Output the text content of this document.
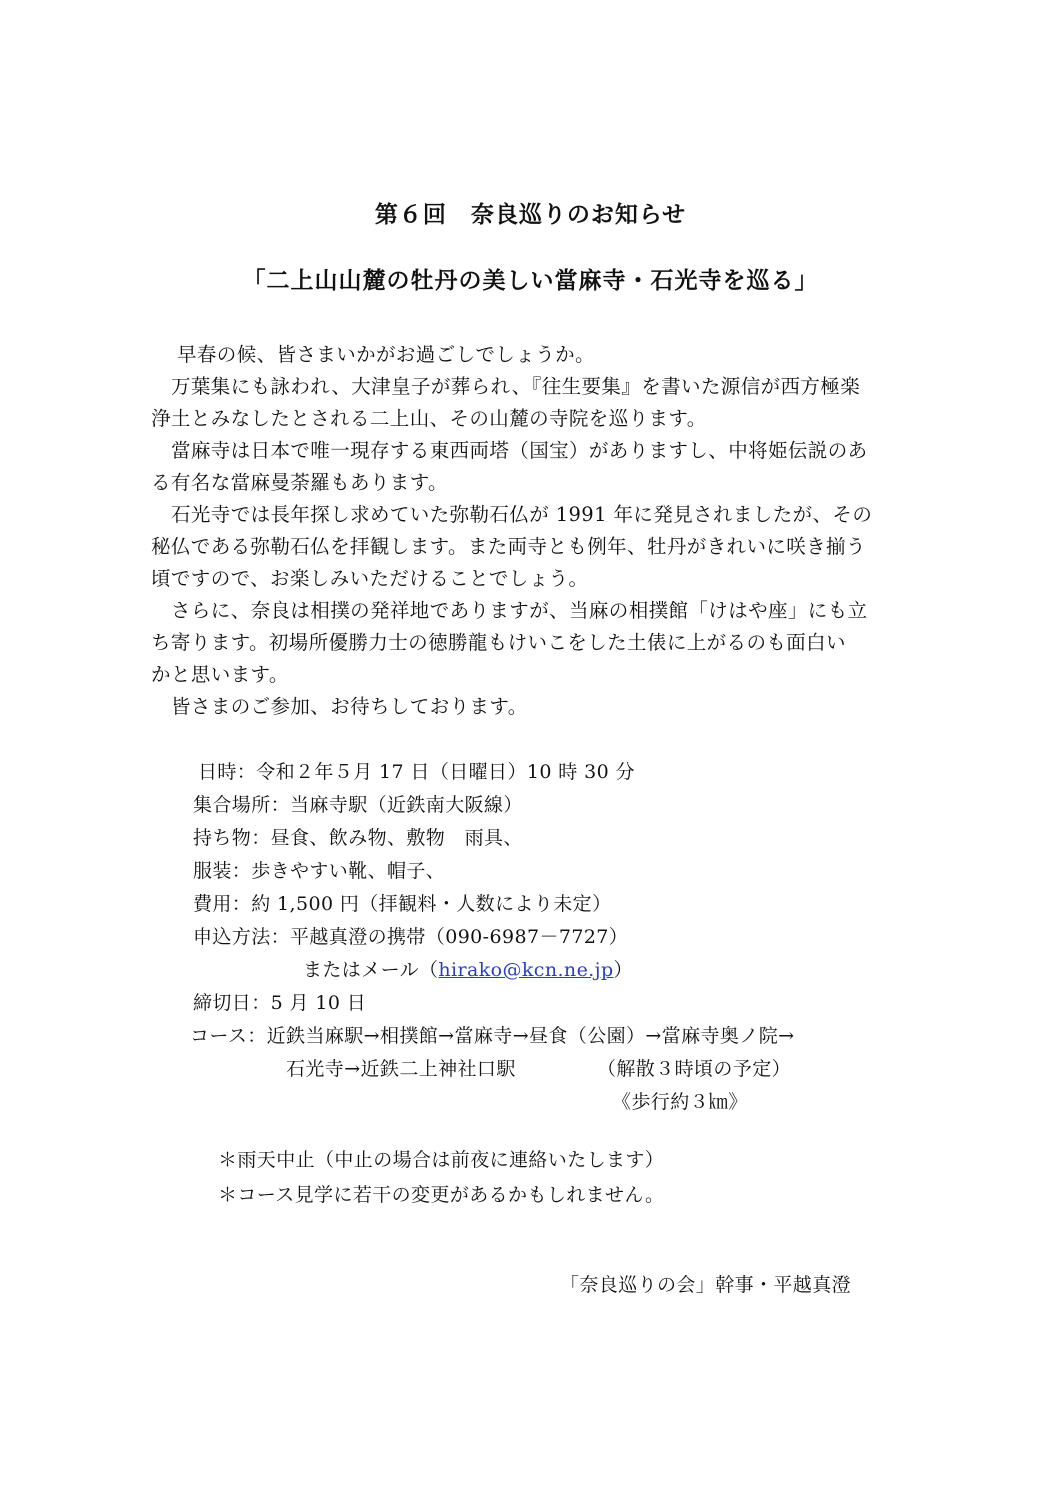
第６回　奈良巡りのお知らせ
「二上山山麓の牡丹の美しい當麻寺・石光寺を巡る」
早春の候、皆さまいかがお過ごしでしょうか。
万葉集にも詠われ、大津皇子が葬られ、『往生要集』を書いた源信が西方極楽
浄土とみなしたとされる二上山、その山麓の寺院を巡ります。
當麻寺は日本で唯一現存する東西両塔（国宝）がありますし、中将姫伝説のあ
る有名な當麻曼荼羅もあります。
石光寺では長年探し求めていた弥勒石仏が 1991 年に発見されましたが、その
秘仏である弥勒石仏を拝観します。また両寺とも例年、牡丹がきれいに咲き揃う
頃ですので、お楽しみいただけることでしょう。
さらに、奈良は相撲の発祥地でありますが、当麻の相撲館「けはや座」にも立
ち寄ります。初場所優勝力士の徳勝龍もけいこをした土俵に上がるのも面白い
かと思います。
皆さまのご参加、お待ちしております。
日時：令和２年５月 17 日（日曜日）10 時 30 分
集合場所：当麻寺駅（近鉄南大阪線）
持ち物：昼食、飲み物、敷物　雨具、
服装：歩きやすい靴、帽子、
費用：約 1,500 円（拝観料・人数により未定）
申込方法：平越真澄の携帯（090-6987－7727）
またはメール（hirako@kcn.ne.jp）
締切日：5 月 10 日
コース：近鉄当麻駅→相撲館→當麻寺→昼食（公園）→當麻寺奥ノ院→
石光寺→近鉄二上神社口駅	（解散３時頃の予定）
《歩行約３㎞》
＊雨天中止（中止の場合は前夜に連絡いたします）
＊コース見学に若干の変更があるかもしれません。
「奈良巡りの会」幹事・平越真澄
